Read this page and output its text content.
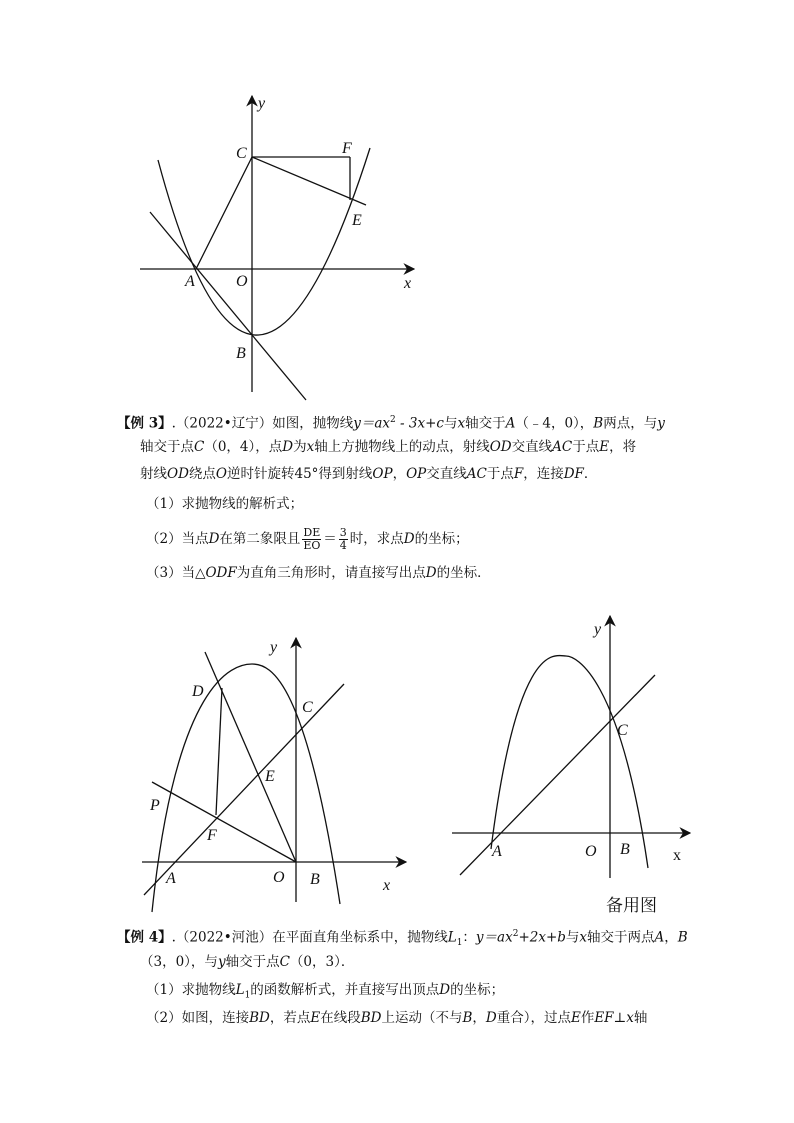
y
x
C	F
E
A	O
B
【例 3】.（2022•辽宁）如图，抛物线$y=ax^2 - 3x+c$与x轴交于A（﹣4，0），B两点，与y
轴交于点C（0，4），点D为x轴上方抛物线上的动点，射线OD交直线AC于点E，将
射线OD绕点O逆时针旋转45°得到射线OP，OP交直线AC于点F，连接DF．
（1）求抛物线的解析式；
（2）当点D在第二象限且 $\frac{DE}{EO} = \frac{3}{4}$ 时，求点D的坐标；
（3）当△ODF为直角三角形时，请直接写出点D的坐标．
y
D
C
E
P
F
A	O B	x
y
C
A	O B	x
备用图
【例 4】.（2022•河池）在平面直角坐标系中，抛物线$L_1$：$y=ax^2+2x+b$与x轴交于两点A，B
（3，0），与y轴交于点C（0，3）．
（1）求抛物线$L_1$的函数解析式，并直接写出顶点D的坐标；
（2）如图，连接BD，若点E在线段BD上运动（不与B，D重合），过点E作EF⊥x轴
